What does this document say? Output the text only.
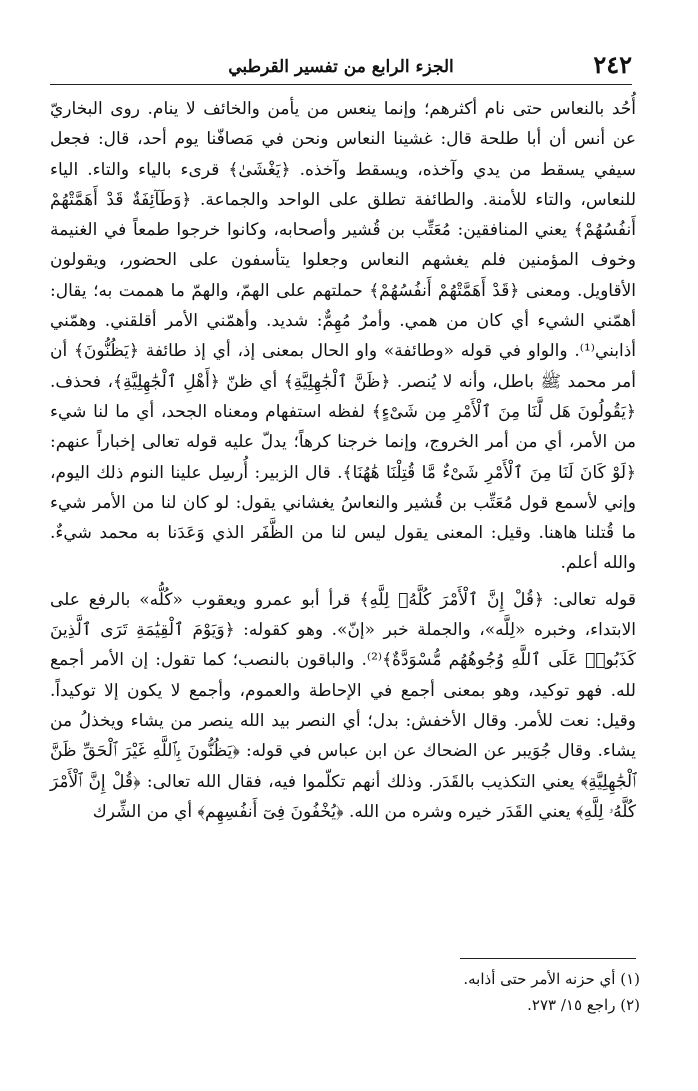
٢٤٢
الجزء الرابع من تفسير القرطبي

أُحُد بالنعاس حتى نام أكثرهم؛ وإنما ينعس من يأمن والخائف لا ينام. روى البخاريّ عن أنس أن أبا طلحة قال: غشينا النعاس ونحن في مَصافّنا يوم أحد، قال: فجعل سيفي يسقط من يدي وآخذه، ويسقط وآخذه. ﴿يَغْشَىٰ﴾ قرىء بالياء والتاء. الياء للنعاس، والتاء للأمنة. والطائفة تطلق على الواحد والجماعة. ﴿وَطَآئِفَةٌ قَدْ أَهَمَّتْهُمْ أَنفُسُهُمْ﴾ يعني المنافقين: مُعَتِّب بن قُشير وأصحابه، وكانوا خرجوا طمعاً في الغنيمة وخوف المؤمنين فلم يغشهم النعاس وجعلوا يتأسفون على الحضور، ويقولون الأقاويل. ومعنى ﴿قَدْ أَهَمَّتْهُمْ أَنفُسُهُمْ﴾ حملتهم على الهمّ، والهمّ ما هممت به؛ يقال: أهمّني الشيء أي كان من همي. وأمرٌ مُهِمٌّ: شديد. وأهمّني الأمر أقلقني. وهمّني أذابني⁽¹⁾. والواو في قوله «وطائفة» واو الحال بمعنى إذ، أي إذ طائفة ﴿يَظُنُّونَ﴾ أن أمر محمد ﷺ باطل، وأنه لا يُنصر. ﴿ظَنَّ ٱلْجَٰهِلِيَّةِ﴾ أي ظنّ ﴿أَهْلِ ٱلْجَٰهِلِيَّةِ﴾، فحذف. ﴿يَقُولُونَ هَل لَّنَا مِنَ ٱلْأَمْرِ مِن شَىْءٍ﴾ لفظه استفهام ومعناه الجحد، أي ما لنا شيء من الأمر، أي من أمر الخروج، وإنما خرجنا كرهاً؛ يدلّ عليه قوله تعالى إخباراً عنهم: ﴿لَوْ كَانَ لَنَا مِنَ ٱلْأَمْرِ شَىْءٌ مَّا قُتِلْنَا هَٰهُنَا﴾. قال الزبير: أُرسِل علينا النوم ذلك اليوم، وإني لأسمع قول مُعَتِّب بن قُشير والنعاسُ يغشاني يقول: لو كان لنا من الأمر شيء ما قُتلنا هاهنا. وقيل: المعنى يقول ليس لنا من الظَّفَر الذي وَعَدَنا به محمد شيءٌ. والله أعلم.

قوله تعالى: ﴿قُلْ إِنَّ ٱلْأَمْرَ كُلَّهُۥ لِلَّهِ﴾ قرأ أبو عمرو ويعقوب «كُلُّه» بالرفع على الابتداء، وخبره «لِلَّه»، والجملة خبر «إنّ». وهو كقوله: ﴿وَيَوْمَ ٱلْقِيَٰمَةِ تَرَى ٱلَّذِينَ كَذَبُوا۟ عَلَى ٱللَّهِ وُجُوهُهُم مُّسْوَدَّةٌ﴾⁽²⁾. والباقون بالنصب؛ كما تقول: إن الأمر أجمع لله. فهو توكيد، وهو بمعنى أجمع في الإحاطة والعموم، وأجمع لا يكون إلا توكيداً. وقيل: نعت للأمر. وقال الأخفش: بدل؛ أي النصر بيد الله ينصر من يشاء ويخذلُ من يشاء. وقال جُوَيبر عن الضحاك عن ابن عباس في قوله: ﴿يَظُنُّونَ بِٱللَّهِ غَيْرَ ٱلْحَقِّ ظَنَّ ٱلْجَٰهِلِيَّةِ﴾ يعني التكذيب بالقَدَر. وذلك أنهم تكلّموا فيه، فقال الله تعالى: ﴿قُلْ إِنَّ ٱلْأَمْرَ كُلَّهُۥ لِلَّهِ﴾ يعني القَدَر خيره وشره من الله. ﴿يُخْفُونَ فِىٓ أَنفُسِهِم﴾ أي من الشِّرك

(١) أي حزنه الأمر حتى أذابه.
(٢) راجع ١٥/ ٢٧٣.
